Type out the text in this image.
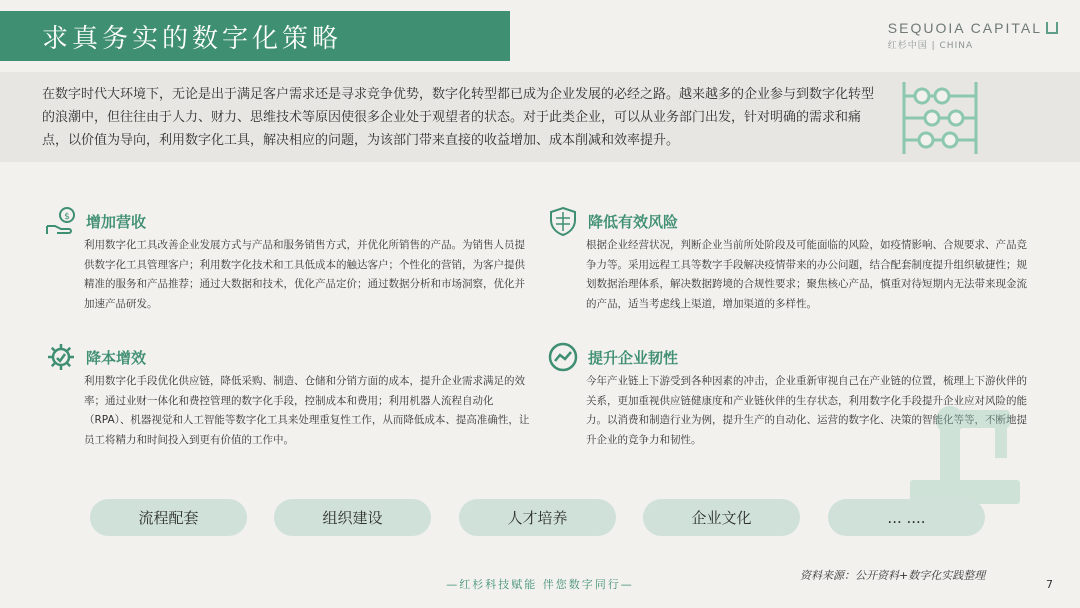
求真务实的数字化策略	SEQUOIA CAPITAL
红杉中国 | CHINA

在数字时代大环境下，无论是出于满足客户需求还是寻求竞争优势，数字化转型都已成为企业发展的必经之路。越来越多的企业参与到数字化转型的浪潮中，但往往由于人力、财力、思维技术等原因使很多企业处于观望者的状态。对于此类企业，可以从业务部门出发，针对明确的需求和痛点，以价值为导向，利用数字化工具，解决相应的问题，为该部门带来直接的收益增加、成本削减和效率提升。

$ 增加营收

利用数字化工具改善企业发展方式与产品和服务销售方式，并优化所销售的产品。为销售人员提供数字化工具管理客户；利用数字化技术和工具低成本的触达客户；个性化的营销，为客户提供精准的服务和产品推荐；通过大数据和技术，优化产品定价；通过数据分析和市场洞察，优化并加速产品研发。

降低有效风险

根据企业经营状况，判断企业当前所处阶段及可能面临的风险，如疫情影响、合规要求、产品竞争力等。采用远程工具等数字手段解决疫情带来的办公问题，结合配套制度提升组织敏捷性；规划数据治理体系，解决数据跨境的合规性要求；聚焦核心产品，慎重对待短期内无法带来现金流的产品，适当考虑线上渠道，增加渠道的多样性。

降本增效

利用数字化手段优化供应链，降低采购、制造、仓储和分销方面的成本，提升企业需求满足的效率；通过业财一体化和费控管理的数字化手段，控制成本和费用；利用机器人流程自动化（RPA）、机器视觉和人工智能等数字化工具来处理重复性工作，从而降低成本、提高准确性，让员工将精力和时间投入到更有价值的工作中。

提升企业韧性

今年产业链上下游受到各种因素的冲击，企业重新审视自己在产业链的位置，梳理上下游伙伴的关系，更加重视供应链健康度和产业链伙伴的生存状态，利用数字化手段提升企业应对风险的能力。以消费和制造行业为例，提升生产的自动化、运营的数字化、决策的智能化等等，不断地提升企业的竞争力和韧性。

流程配套	组织建设	人才培养	企业文化	... ....
资料来源：公开资料+数字化实践整理
—红杉科技赋能 伴您数字同行—	7
